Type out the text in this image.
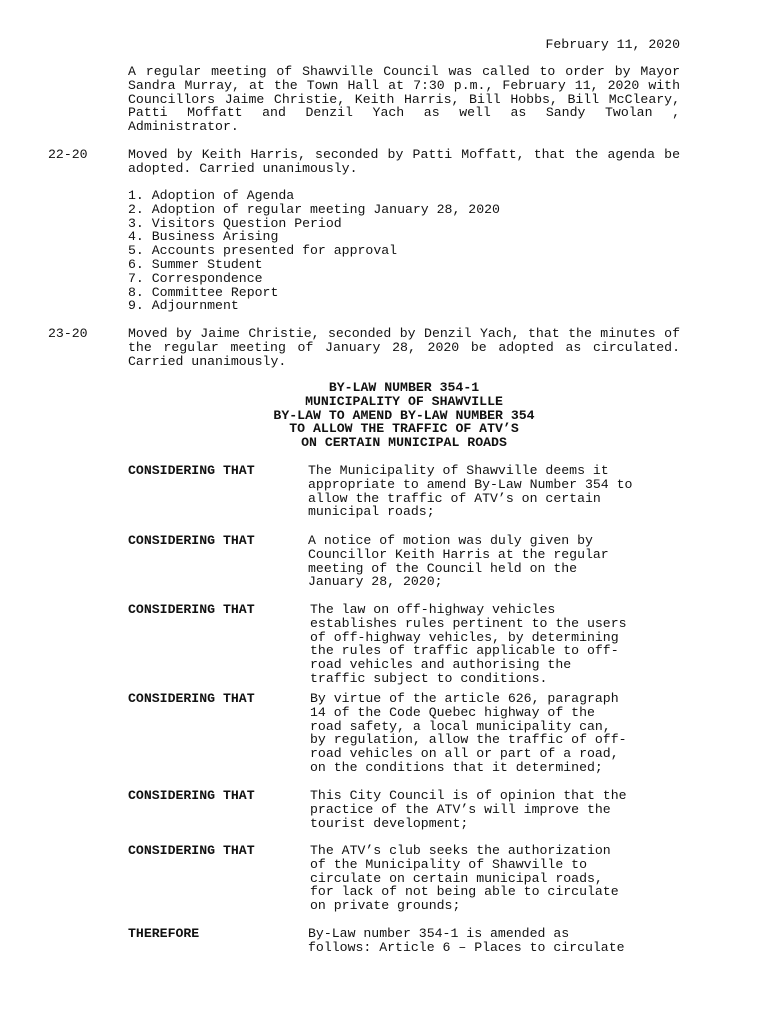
February 11, 2020
A regular meeting of Shawville Council was called to order by Mayor Sandra Murray, at the Town Hall at 7:30 p.m., February 11, 2020 with Councillors Jaime Christie, Keith Harris, Bill Hobbs, Bill McCleary, Patti Moffatt and Denzil Yach as well as Sandy Twolan , Administrator.
22-20	Moved by Keith Harris, seconded by Patti Moffatt, that the agenda be adopted. Carried unanimously.
1. Adoption of Agenda
2. Adoption of regular meeting January 28, 2020
3. Visitors Question Period
4. Business Arising
5. Accounts presented for approval
6. Summer Student
7. Correspondence
8. Committee Report
9. Adjournment
23-20	Moved by Jaime Christie, seconded by Denzil Yach, that the minutes of the regular meeting of January 28, 2020 be adopted as circulated. Carried unanimously.
BY-LAW NUMBER 354-1
MUNICIPALITY OF SHAWVILLE
BY-LAW TO AMEND BY-LAW NUMBER 354
TO ALLOW THE TRAFFIC OF ATV’S
ON CERTAIN MUNICIPAL ROADS
CONSIDERING THAT	The Municipality of Shawville deems it
appropriate to amend By-Law Number 354 to
allow the traffic of ATV’s on certain
municipal roads;
CONSIDERING THAT	A notice of motion was duly given by
Councillor Keith Harris at the regular
meeting of the Council held on the
January 28, 2020;
CONSIDERING THAT	The law on off-highway vehicles
establishes rules pertinent to the users
of off-highway vehicles, by determining
the rules of traffic applicable to off-
road vehicles and authorising the
traffic subject to conditions.
CONSIDERING THAT	By virtue of the article 626, paragraph
14 of the Code Quebec highway of the
road safety, a local municipality can,
by regulation, allow the traffic of off-
road vehicles on all or part of a road,
on the conditions that it determined;
CONSIDERING THAT	This City Council is of opinion that the
practice of the ATV’s will improve the
tourist development;
CONSIDERING THAT	The ATV’s club seeks the authorization
of the Municipality of Shawville to
circulate on certain municipal roads,
for lack of not being able to circulate
on private grounds;
THEREFORE	By-Law number 354-1 is amended as
follows: Article 6 – Places to circulate
